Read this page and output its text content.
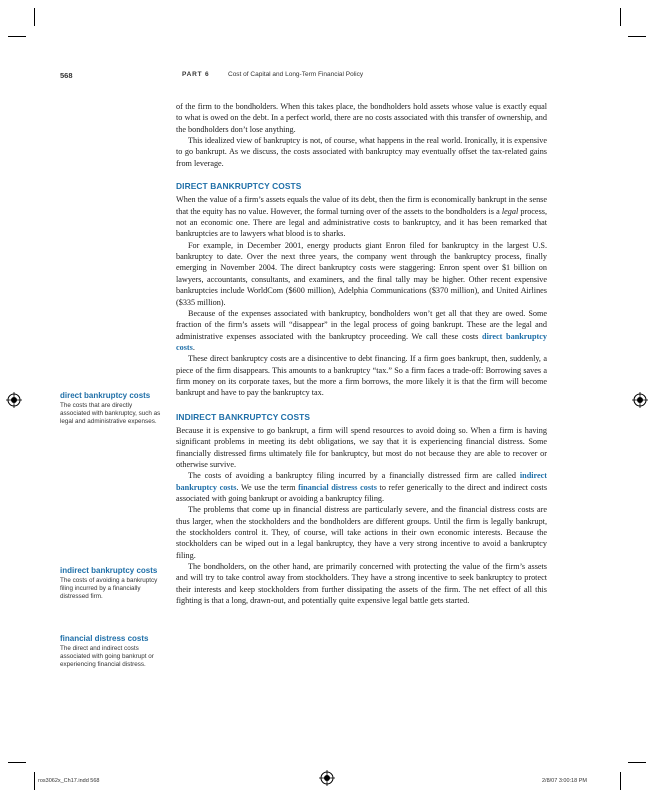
568	PART 6	Cost of Capital and Long-Term Financial Policy

of the firm to the bondholders. When this takes place, the bondholders hold assets whose value is exactly equal to what is owed on the debt. In a perfect world, there are no costs associated with this transfer of ownership, and the bondholders don’t lose anything.

This idealized view of bankruptcy is not, of course, what happens in the real world. Ironically, it is expensive to go bankrupt. As we discuss, the costs associated with bankruptcy may eventually offset the tax-related gains from leverage.

DIRECT BANKRUPTCY COSTS

When the value of a firm’s assets equals the value of its debt, then the firm is economically bankrupt in the sense that the equity has no value. However, the formal turning over of the assets to the bondholders is a legal process, not an economic one. There are legal and administrative costs to bankruptcy, and it has been remarked that bankruptcies are to lawyers what blood is to sharks.

For example, in December 2001, energy products giant Enron filed for bankruptcy in the largest U.S. bankruptcy to date. Over the next three years, the company went through the bankruptcy process, finally emerging in November 2004. The direct bankruptcy costs were staggering: Enron spent over $1 billion on lawyers, accountants, consultants, and examiners, and the final tally may be higher. Other recent expensive bankruptcies include WorldCom ($600 million), Adelphia Communications ($370 million), and United Airlines ($335 million).

Because of the expenses associated with bankruptcy, bondholders won’t get all that they are owed. Some fraction of the firm’s assets will “disappear” in the legal process of going bankrupt. These are the legal and administrative expenses associated with the bankruptcy proceeding. We call these costs direct bankruptcy costs.

These direct bankruptcy costs are a disincentive to debt financing. If a firm goes bankrupt, then, suddenly, a piece of the firm disappears. This amounts to a bankruptcy “tax.” So a firm faces a trade-off: Borrowing saves a firm money on its corporate taxes, but the more a firm borrows, the more likely it is that the firm will become bankrupt and have to pay the bankruptcy tax.

INDIRECT BANKRUPTCY COSTS

Because it is expensive to go bankrupt, a firm will spend resources to avoid doing so. When a firm is having significant problems in meeting its debt obligations, we say that it is experiencing financial distress. Some financially distressed firms ultimately file for bankruptcy, but most do not because they are able to recover or otherwise survive.

The costs of avoiding a bankruptcy filing incurred by a financially distressed firm are called indirect bankruptcy costs. We use the term financial distress costs to refer generically to the direct and indirect costs associated with going bankrupt or avoiding a bankruptcy filing.

The problems that come up in financial distress are particularly severe, and the financial distress costs are thus larger, when the stockholders and the bondholders are different groups. Until the firm is legally bankrupt, the stockholders control it. They, of course, will take actions in their own economic interests. Because the stockholders can be wiped out in a legal bankruptcy, they have a very strong incentive to avoid a bankruptcy filing.

The bondholders, on the other hand, are primarily concerned with protecting the value of the firm’s assets and will try to take control away from stockholders. They have a strong incentive to seek bankruptcy to protect their interests and keep stockholders from further dissipating the assets of the firm. The net effect of all this fighting is that a long, drawn-out, and potentially quite expensive legal battle gets started.

direct bankruptcy costs
The costs that are directly associated with bankruptcy, such as legal and administrative expenses.
indirect bankruptcy costs
The costs of avoiding a bankruptcy filing incurred by a financially distressed firm.
financial distress costs
The direct and indirect costs associated with going bankrupt or experiencing financial distress.
ros3062x_Ch17.indd 568	2/8/07 3:00:18 PM
